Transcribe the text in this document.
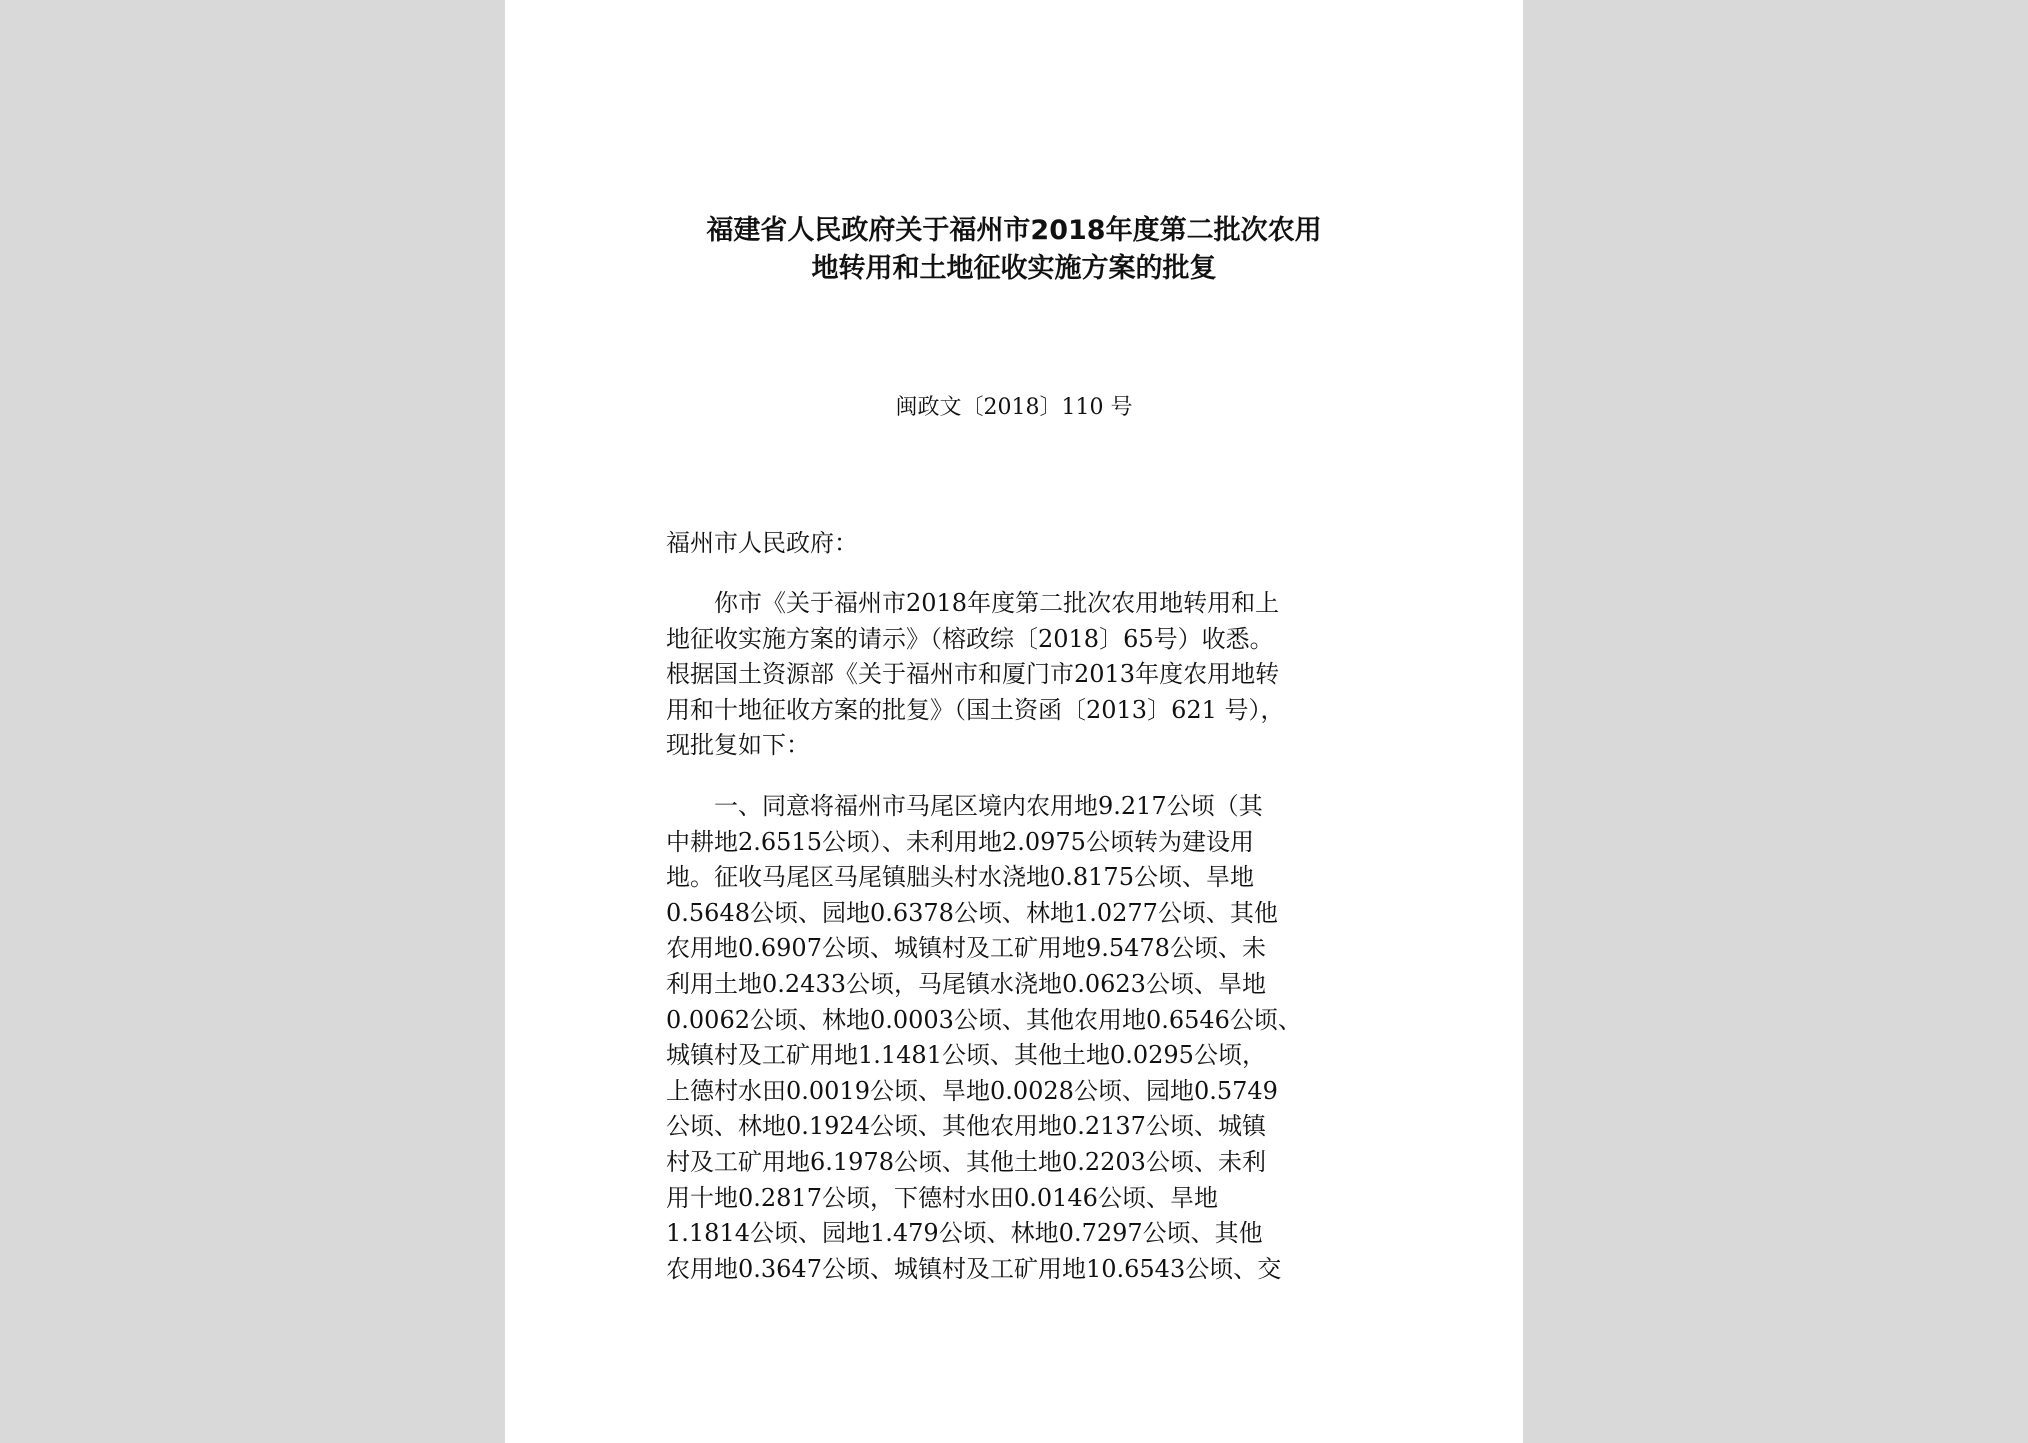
福建省人民政府关于福州市2018年度第二批次农用
地转用和土地征收实施方案的批复
闽政文〔2018〕110 号
福州市人民政府：
　　你市《关于福州市2018年度第二批次农用地转用和上
地征收实施方案的请示》（榕政综〔2018〕65号）收悉。
根据国土资源部《关于福州市和厦门市2013年度农用地转
用和十地征收方案的批复》（国土资函〔2013〕621 号），
现批复如下：
　　一、同意将福州市马尾区境内农用地9.217公顷（其
中耕地2.6515公顷）、未利用地2.0975公顷转为建设用
地。征收马尾区马尾镇朏头村水浇地0.8175公顷、旱地
0.5648公顷、园地0.6378公顷、林地1.0277公顷、其他
农用地0.6907公顷、城镇村及工矿用地9.5478公顷、未
利用土地0.2433公顷，马尾镇水浇地0.0623公顷、旱地
0.0062公顷、林地0.0003公顷、其他农用地0.6546公顷、
城镇村及工矿用地1.1481公顷、其他土地0.0295公顷，
上德村水田0.0019公顷、旱地0.0028公顷、园地0.5749
公顷、林地0.1924公顷、其他农用地0.2137公顷、城镇
村及工矿用地6.1978公顷、其他土地0.2203公顷、未利
用十地0.2817公顷，下德村水田0.0146公顷、旱地
1.1814公顷、园地1.479公顷、林地0.7297公顷、其他
农用地0.3647公顷、城镇村及工矿用地10.6543公顷、交
